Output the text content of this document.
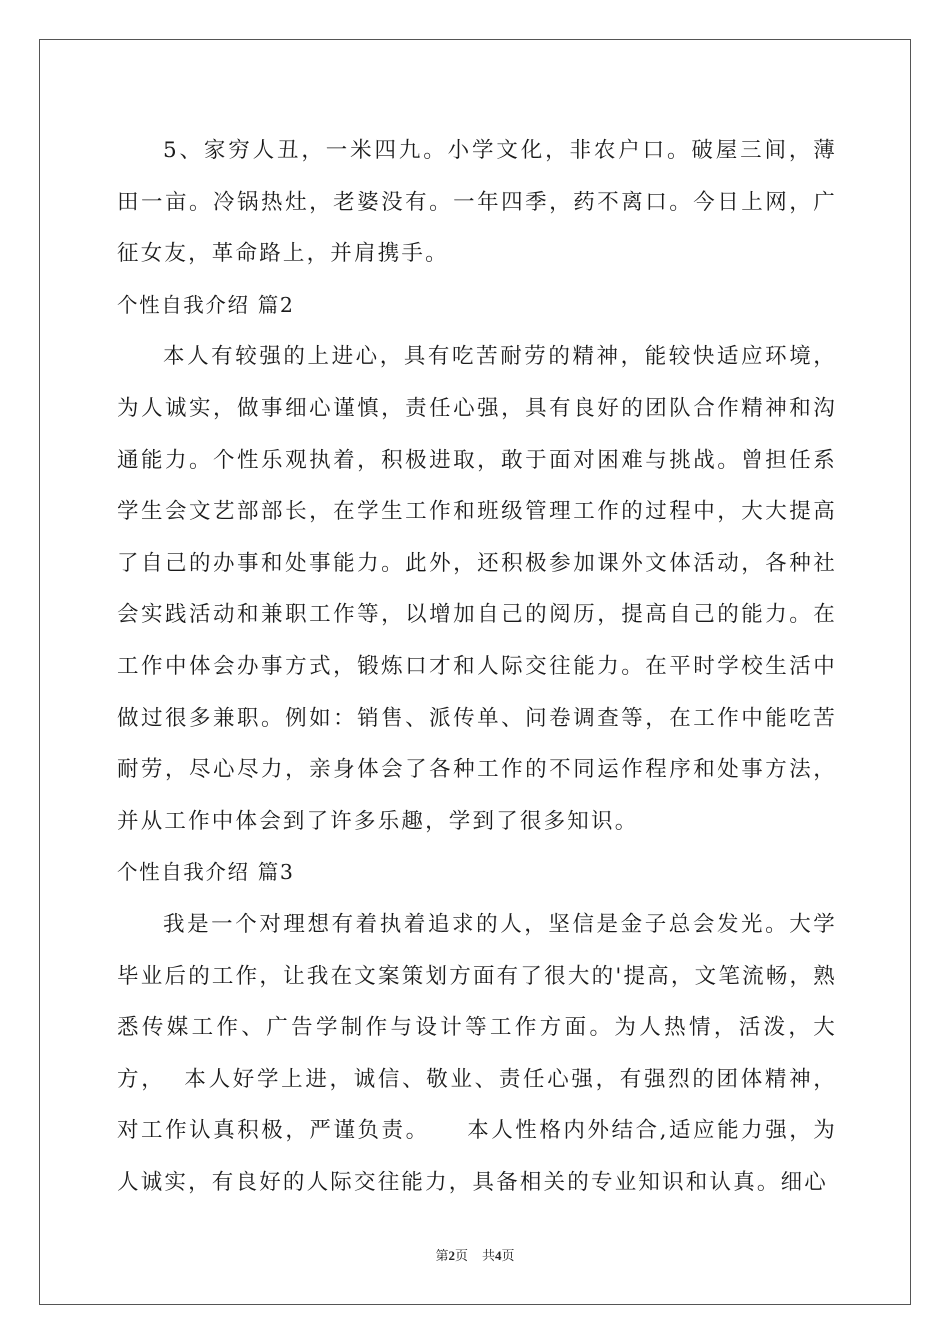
5、家穷人丑，一米四九。小学文化，非农户口。破屋三间，薄田一亩。冷锅热灶，老婆没有。一年四季，药不离口。今日上网，广征女友，革命路上，并肩携手。

个性自我介绍 篇2

本人有较强的上进心，具有吃苦耐劳的精神，能较快适应环境，为人诚实，做事细心谨慎，责任心强，具有良好的团队合作精神和沟通能力。个性乐观执着，积极进取，敢于面对困难与挑战。曾担任系学生会文艺部部长，在学生工作和班级管理工作的过程中，大大提高了自己的办事和处事能力。此外，还积极参加课外文体活动，各种社会实践活动和兼职工作等，以增加自己的阅历，提高自己的能力。在工作中体会办事方式，锻炼口才和人际交往能力。在平时学校生活中做过很多兼职。例如：销售、派传单、问卷调查等，在工作中能吃苦耐劳，尽心尽力，亲身体会了各种工作的不同运作程序和处事方法，并从工作中体会到了许多乐趣，学到了很多知识。

个性自我介绍 篇3

我是一个对理想有着执着追求的人，坚信是金子总会发光。大学毕业后的工作，让我在文案策划方面有了很大的'提高，文笔流畅，熟悉传媒工作、广告学制作与设计等工作方面。为人热情，活泼，大方，  本人好学上进，诚信、敬业、责任心强，有强烈的团体精神，对工作认真积极，严谨负责。    本人性格内外结合,适应能力强，为人诚实，有良好的人际交往能力，具备相关的专业知识和认真。细心

第2页 共4页
